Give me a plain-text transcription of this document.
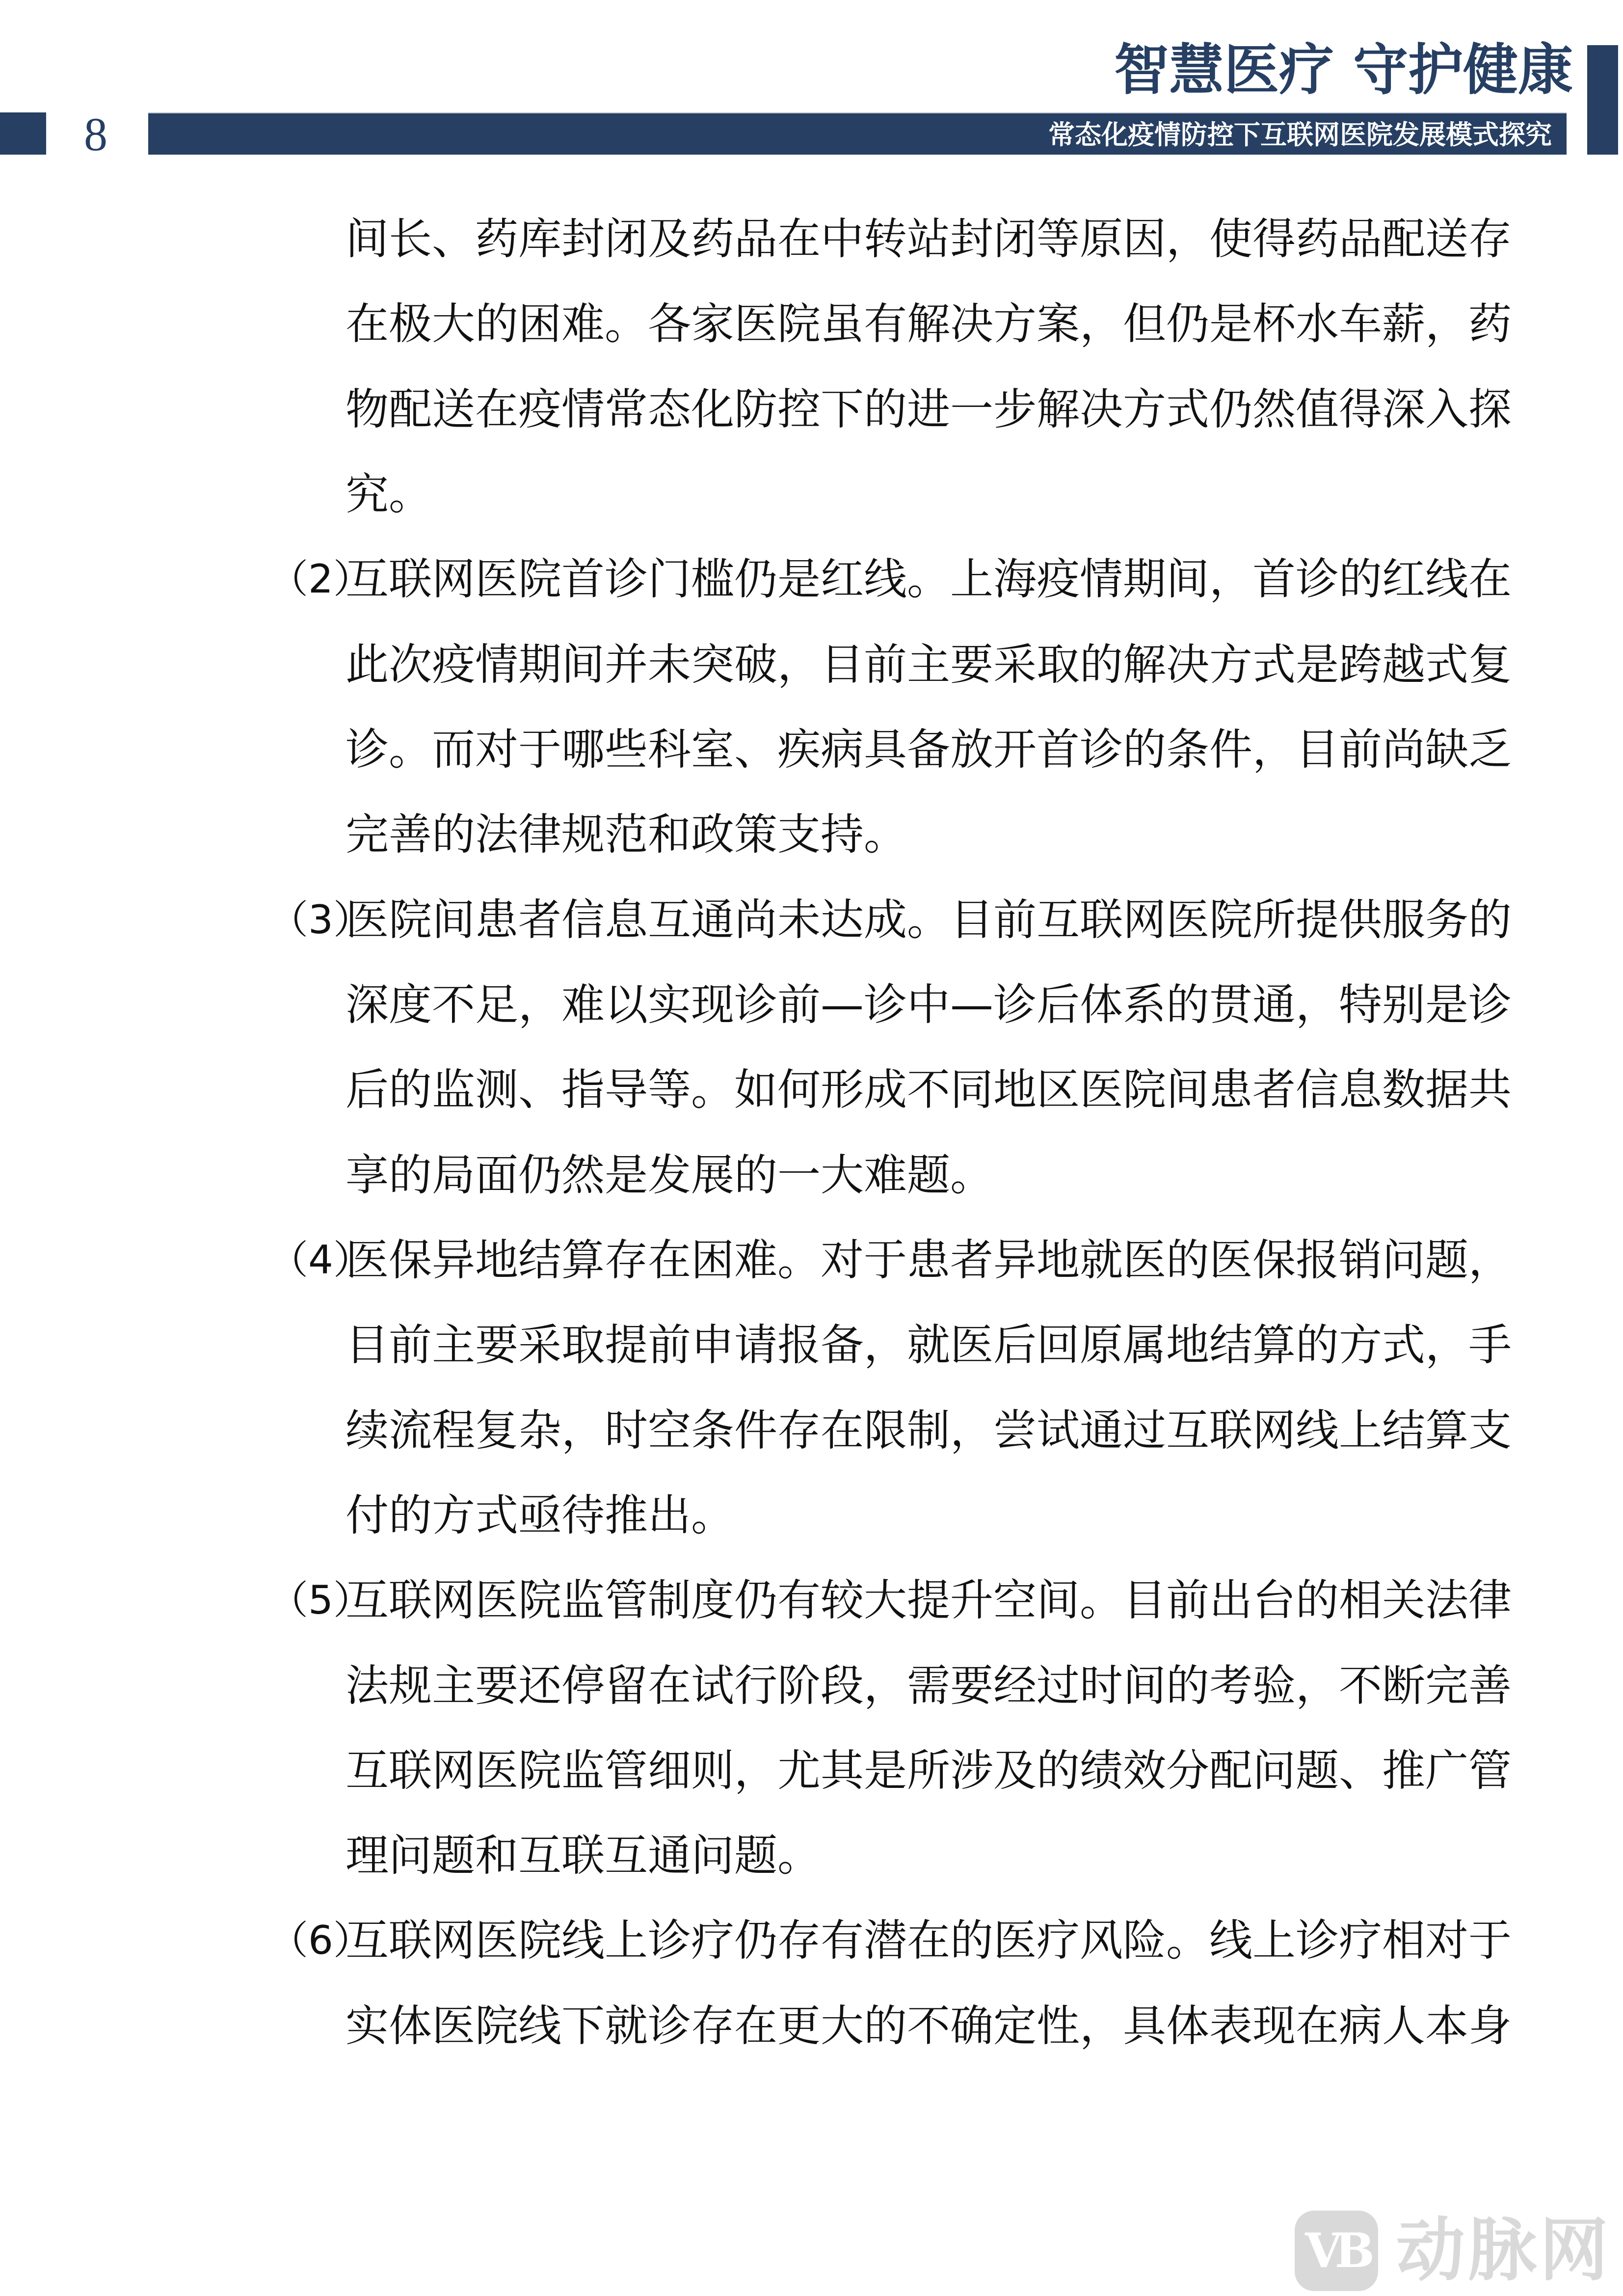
智慧医疗 守护健康
8	常态化疫情防控下互联网医院发展模式探究
间长、药库封闭及药品在中转站封闭等原因，使得药品配送存
在极大的困难。各家医院虽有解决方案，但仍是杯水车薪，药
物配送在疫情常态化防控下的进一步解决方式仍然值得深入探
究。
（2）
互联网医院首诊门槛仍是红线。上海疫情期间，首诊的红线在
此次疫情期间并未突破，目前主要采取的解决方式是跨越式复
诊。而对于哪些科室、疾病具备放开首诊的条件，目前尚缺乏
完善的法律规范和政策支持。
（3）
医院间患者信息互通尚未达成。目前互联网医院所提供服务的
深度不足，难以实现诊前—诊中—诊后体系的贯通，特别是诊
后的监测、指导等。如何形成不同地区医院间患者信息数据共
享的局面仍然是发展的一大难题。
（4）
医保异地结算存在困难。对于患者异地就医的医保报销问题，
目前主要采取提前申请报备，就医后回原属地结算的方式，手
续流程复杂，时空条件存在限制，尝试通过互联网线上结算支
付的方式亟待推出。
（5）
互联网医院监管制度仍有较大提升空间。目前出台的相关法律
法规主要还停留在试行阶段，需要经过时间的考验，不断完善
互联网医院监管细则，尤其是所涉及的绩效分配问题、推广管
理问题和互联互通问题。
（6）
互联网医院线上诊疗仍存有潜在的医疗风险。线上诊疗相对于
实体医院线下就诊存在更大的不确定性，具体表现在病人本身
VB 动脉网
